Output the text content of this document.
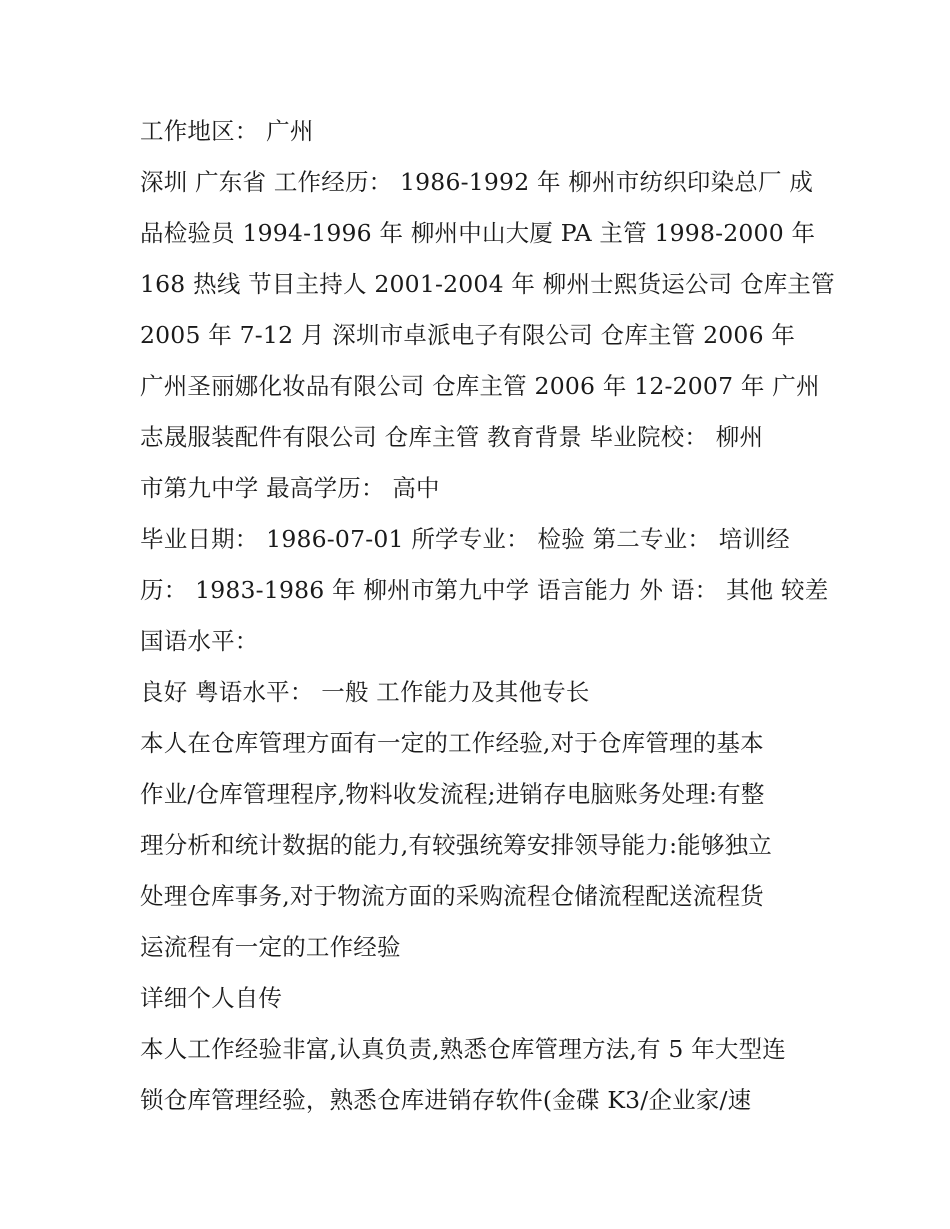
工作地区： 广州
深圳 广东省 工作经历： 1986-1992 年 柳州市纺织印染总厂 成
品检验员 1994-1996 年 柳州中山大厦 PA 主管 1998-2000 年
168 热线 节目主持人 2001-2004 年 柳州士熙货运公司 仓库主管
2005 年 7-12 月 深圳市卓派电子有限公司 仓库主管 2006 年
广州圣丽娜化妆品有限公司 仓库主管 2006 年 12-2007 年 广州
志晟服装配件有限公司 仓库主管 教育背景 毕业院校： 柳州
市第九中学 最高学历： 高中
毕业日期： 1986-07-01 所学专业： 检验 第二专业： 培训经
历： 1983-1986 年 柳州市第九中学 语言能力 外 语： 其他 较差
国语水平：
良好 粤语水平： 一般 工作能力及其他专长
本人在仓库管理方面有一定的工作经验,对于仓库管理的基本
作业/仓库管理程序,物料收发流程;进销存电脑账务处理:有整
理分析和统计数据的能力,有较强统筹安排领导能力:能够独立
处理仓库事务,对于物流方面的采购流程仓储流程配送流程货
运流程有一定的工作经验
详细个人自传
本人工作经验非富,认真负责,熟悉仓库管理方法,有 5 年大型连
锁仓库管理经验，熟悉仓库进销存软件(金碟 K3/企业家/速
